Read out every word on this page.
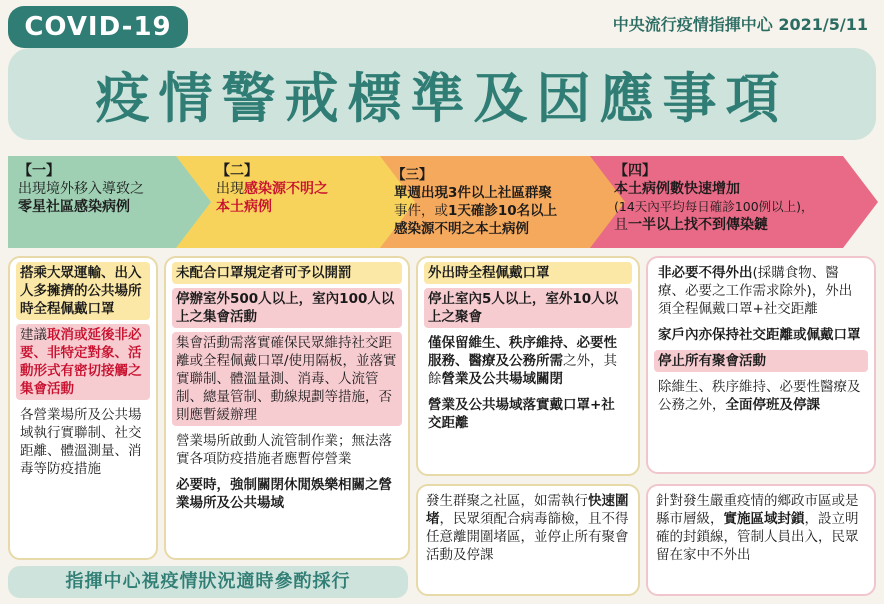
COVID-19	中央流行疫情指揮中心 2021/5/11
疫情警戒標準及因應事項
【一】
出現境外移入導致之
零星社區感染病例
【二】
出現感染源不明之
本土病例
【三】
單週出現3件以上社區群聚
事件，或1天確診10名以上
感染源不明之本土病例
【四】
本土病例數快速增加
(14天內平均每日確診100例以上)，
且一半以上找不到傳染鏈
搭乘大眾運輸、出入人多擁擠的公共場所時全程佩戴口罩
建議取消或延後非必要、非特定對象、活動形式有密切接觸之集會活動
各營業場所及公共場域執行實聯制、社交距離、體溫測量、消毒等防疫措施
未配合口罩規定者可予以開罰
停辦室外500人以上，室內100人以上之集會活動
集會活動需落實確保民眾維持社交距離或全程佩戴口罩/使用隔板，並落實實聯制、體溫量測、消毒、人流管制、總量管制、動線規劃等措施，否則應暫緩辦理
營業場所啟動人流管制作業；無法落實各項防疫措施者應暫停營業
必要時，強制關閉休閒娛樂相關之營業場所及公共場域
外出時全程佩戴口罩
停止室內5人以上，室外10人以上之聚會
僅保留維生、秩序維持、必要性服務、醫療及公務所需之外，其餘營業及公共場域關閉
營業及公共場域落實戴口罩+社交距離
發生群聚之社區，如需執行快速圍堵，民眾須配合病毒篩檢，且不得任意離開圍堵區，並停止所有聚會活動及停課
非必要不得外出(採購食物、醫療、必要之工作需求除外)，外出須全程佩戴口罩+社交距離
家戶內亦保持社交距離或佩戴口罩
停止所有聚會活動
除維生、秩序維持、必要性醫療及公務之外，全面停班及停課
針對發生嚴重疫情的鄉政市區或是縣市層級，實施區域封鎖，設立明確的封鎖線，管制人員出入，民眾留在家中不外出
指揮中心視疫情狀況適時參酌採行
